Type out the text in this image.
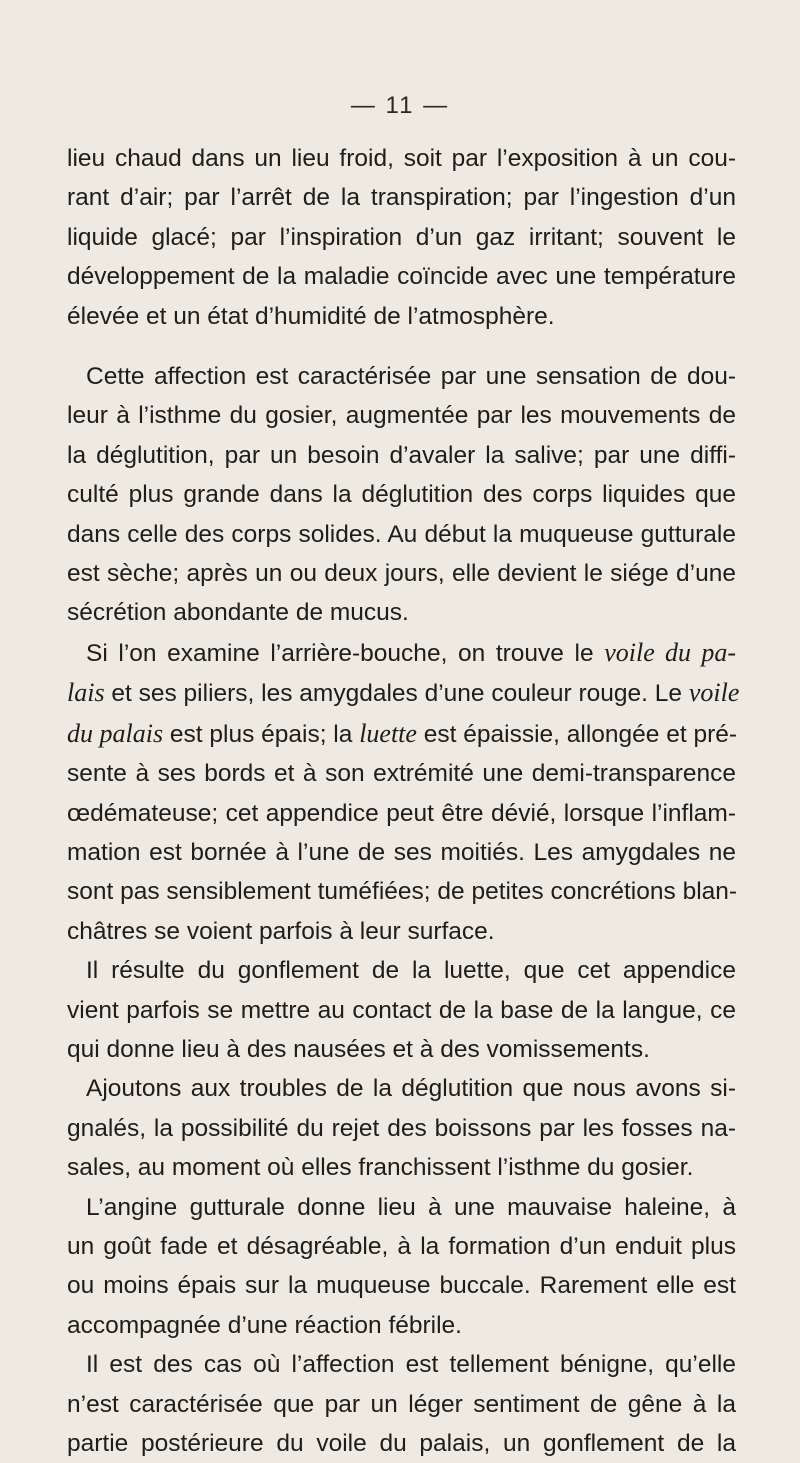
— 11 —
lieu chaud dans un lieu froid, soit par l’exposition à un cou-
rant d’air; par l’arrêt de la transpiration; par l’ingestion d’un
liquide glacé; par l’inspiration d’un gaz irritant; souvent le
développement de la maladie coïncide avec une température
élevée et un état d’humidité de l’atmosphère.
Cette affection est caractérisée par une sensation de dou-
leur à l’isthme du gosier, augmentée par les mouvements de
la déglutition, par un besoin d’avaler la salive; par une diffi-
culté plus grande dans la déglutition des corps liquides que
dans celle des corps solides. Au début la muqueuse gutturale
est sèche; après un ou deux jours, elle devient le siége d’une
sécrétion abondante de mucus.
Si l’on examine l’arrière-bouche, on trouve le voile du pa-
lais et ses piliers, les amygdales d’une couleur rouge. Le voile
du palais est plus épais; la luette est épaissie, allongée et pré-
sente à ses bords et à son extrémité une demi-transparence
œdémateuse; cet appendice peut être dévié, lorsque l’inflam-
mation est bornée à l’une de ses moitiés. Les amygdales ne
sont pas sensiblement tuméfiées; de petites concrétions blan-
châtres se voient parfois à leur surface.
Il résulte du gonflement de la luette, que cet appendice
vient parfois se mettre au contact de la base de la langue, ce
qui donne lieu à des nausées et à des vomissements.
Ajoutons aux troubles de la déglutition que nous avons si-
gnalés, la possibilité du rejet des boissons par les fosses na-
sales, au moment où elles franchissent l’isthme du gosier.
L’angine gutturale donne lieu à une mauvaise haleine, à
un goût fade et désagréable, à la formation d’un enduit plus
ou moins épais sur la muqueuse buccale. Rarement elle est
accompagnée d’une réaction fébrile.
Il est des cas où l’affection est tellement bénigne, qu’elle
n’est caractérisée que par un léger sentiment de gêne à la
partie postérieure du voile du palais, un gonflement de la
